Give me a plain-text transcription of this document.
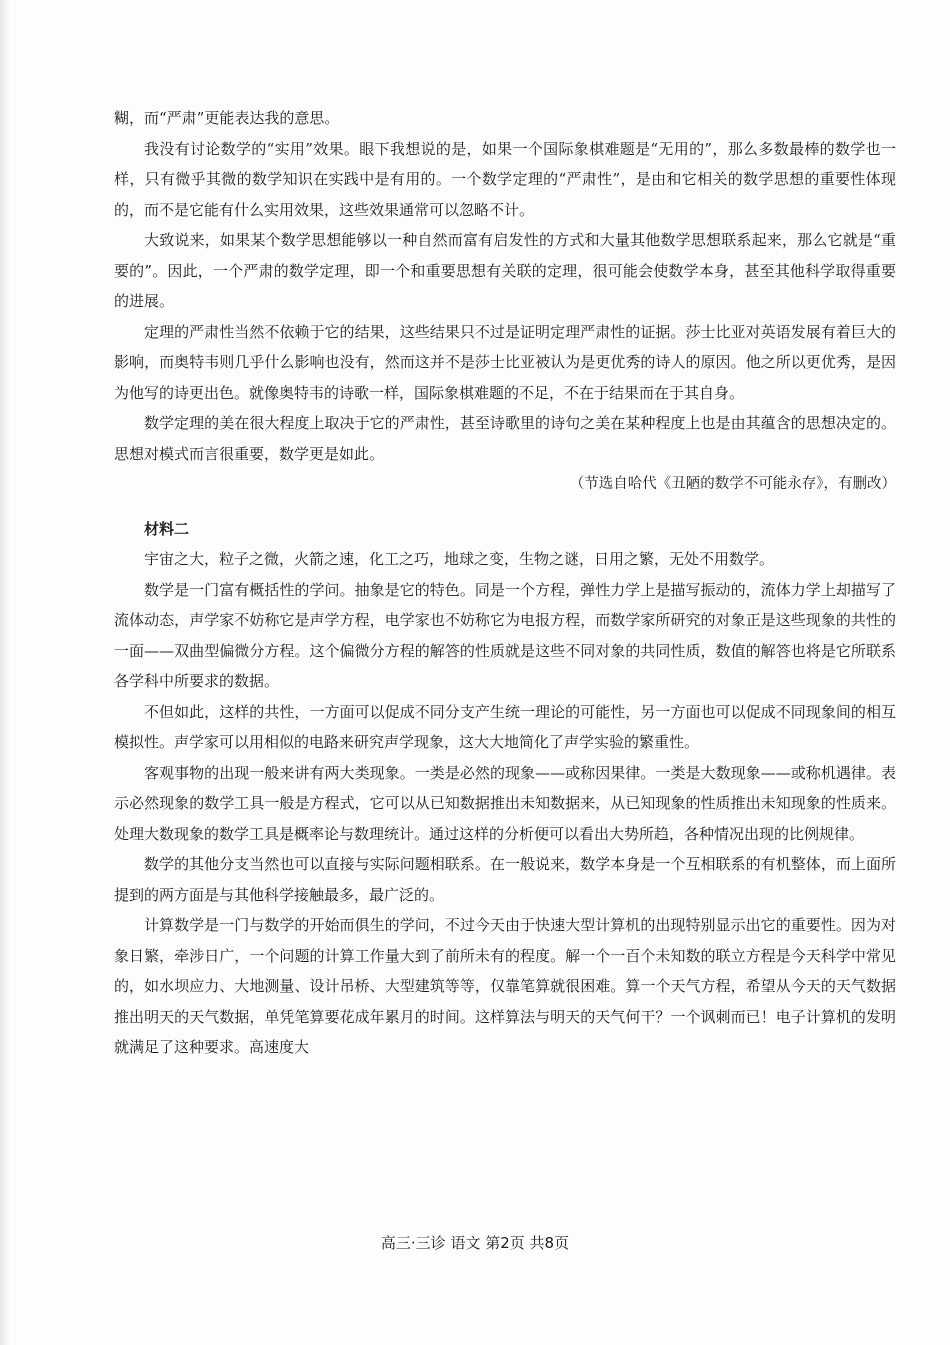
糊，而“严肃”更能表达我的意思。

我没有讨论数学的“实用”效果。眼下我想说的是，如果一个国际象棋难题是“无用的”，那么多数最棒的数学也一样，只有微乎其微的数学知识在实践中是有用的。一个数学定理的“严肃性”，是由和它相关的数学思想的重要性体现的，而不是它能有什么实用效果，这些效果通常可以忽略不计。

大致说来，如果某个数学思想能够以一种自然而富有启发性的方式和大量其他数学思想联系起来，那么它就是“重要的”。因此，一个严肃的数学定理，即一个和重要思想有关联的定理，很可能会使数学本身，甚至其他科学取得重要的进展。

定理的严肃性当然不依赖于它的结果，这些结果只不过是证明定理严肃性的证据。莎士比亚对英语发展有着巨大的影响，而奥特韦则几乎什么影响也没有，然而这并不是莎士比亚被认为是更优秀的诗人的原因。他之所以更优秀，是因为他写的诗更出色。就像奥特韦的诗歌一样，国际象棋难题的不足，不在于结果而在于其自身。

数学定理的美在很大程度上取决于它的严肃性，甚至诗歌里的诗句之美在某种程度上也是由其蕴含的思想决定的。思想对模式而言很重要，数学更是如此。

（节选自哈代《丑陋的数学不可能永存》，有删改）

材料二

宇宙之大，粒子之微，火箭之速，化工之巧，地球之变，生物之谜，日用之繁，无处不用数学。

数学是一门富有概括性的学问。抽象是它的特色。同是一个方程，弹性力学上是描写振动的，流体力学上却描写了流体动态，声学家不妨称它是声学方程，电学家也不妨称它为电报方程，而数学家所研究的对象正是这些现象的共性的一面——双曲型偏微分方程。这个偏微分方程的解答的性质就是这些不同对象的共同性质，数值的解答也将是它所联系各学科中所要求的数据。

不但如此，这样的共性，一方面可以促成不同分支产生统一理论的可能性，另一方面也可以促成不同现象间的相互模拟性。声学家可以用相似的电路来研究声学现象，这大大地简化了声学实验的繁重性。

客观事物的出现一般来讲有两大类现象。一类是必然的现象——或称因果律。一类是大数现象——或称机遇律。表示必然现象的数学工具一般是方程式，它可以从已知数据推出未知数据来，从已知现象的性质推出未知现象的性质来。处理大数现象的数学工具是概率论与数理统计。通过这样的分析便可以看出大势所趋，各种情况出现的比例规律。

数学的其他分支当然也可以直接与实际问题相联系。在一般说来，数学本身是一个互相联系的有机整体，而上面所提到的两方面是与其他科学接触最多，最广泛的。

计算数学是一门与数学的开始而俱生的学问，不过今天由于快速大型计算机的出现特别显示出它的重要性。因为对象日繁，牵涉日广，一个问题的计算工作量大到了前所未有的程度。解一个一百个未知数的联立方程是今天科学中常见的，如水坝应力、大地测量、设计吊桥、大型建筑等等，仅靠笔算就很困难。算一个天气方程，希望从今天的天气数据推出明天的天气数据，单凭笔算要花成年累月的时间。这样算法与明天的天气何干？一个讽刺而已！电子计算机的发明就满足了这种要求。高速度大

高三·三诊 语文 第2页 共8页
